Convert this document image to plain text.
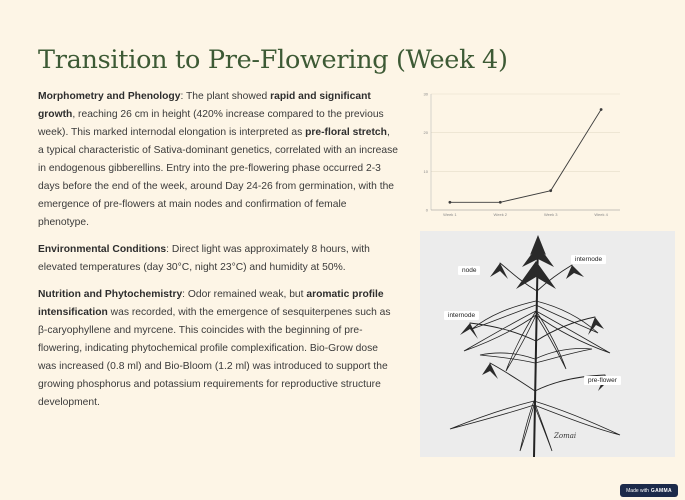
Transition to Pre-Flowering (Week 4)

Morphometry and Phenology: The plant showed rapid and significant growth, reaching 26 cm in height (420% increase compared to the previous week). This marked internodal elongation is interpreted as pre-floral stretch, a typical characteristic of Sativa-dominant genetics, correlated with an increase in endogenous gibberellins. Entry into the pre-flowering phase occurred 2-3 days before the end of the week, around Day 24-26 from germination, with the emergence of pre-flowers at main nodes and confirmation of female phenotype.

Environmental Conditions: Direct light was approximately 8 hours, with elevated temperatures (day 30°C, night 23°C) and humidity at 50%.

Nutrition and Phytochemistry: Odor remained weak, but aromatic profile intensification was recorded, with the emergence of sesquiterpenes such as β-caryophyllene and myrcene. This coincides with the beginning of pre-flowering, indicating phytochemical profile complexification. Bio-Grow dose was increased (0.8 ml) and Bio-Bloom (1.2 ml) was introduced to support the growing phosphorus and potassium requirements for reproductive structure development.

0
10
20
30
Week 1	Week 2	Week 3	Week 4
internode
node
internode
pre-flower
Zomai
Made with GAMMA
